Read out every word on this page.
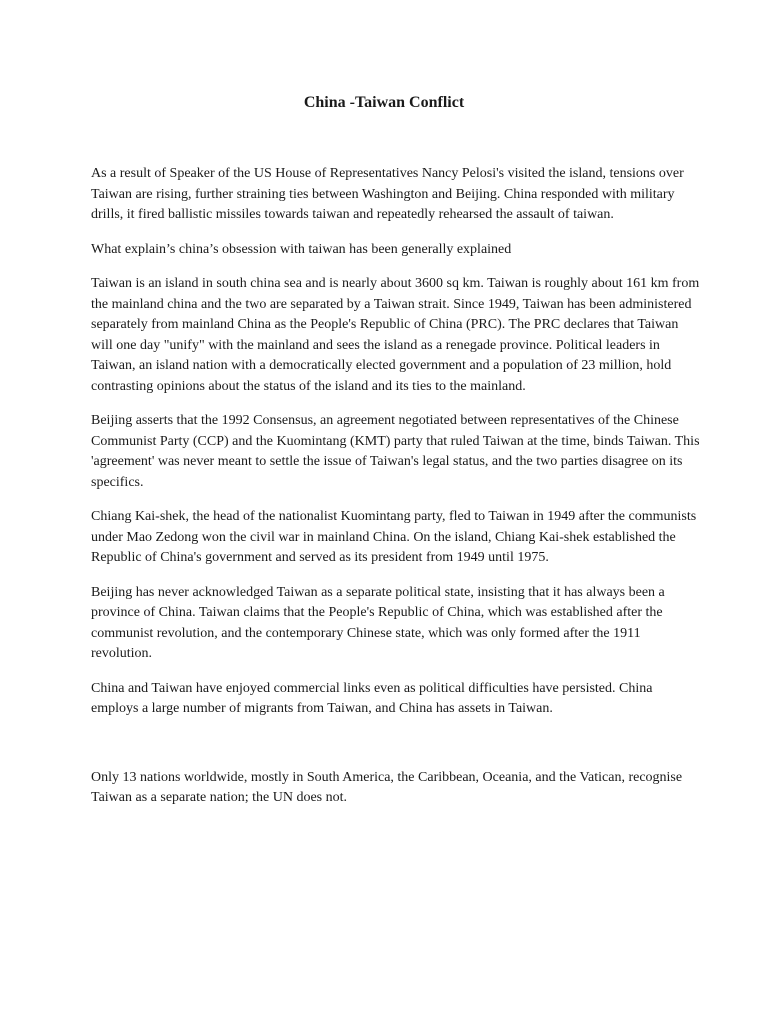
China -Taiwan Conflict

As a result of Speaker of the US House of Representatives Nancy Pelosi's visited the island, tensions over Taiwan are rising, further straining ties between Washington and Beijing. China responded with military drills, it fired ballistic missiles towards taiwan and repeatedly rehearsed the assault of taiwan.

What explain’s china’s obsession with taiwan has been generally explained

Taiwan is an island in south china sea and is nearly about 3600 sq km. Taiwan is roughly about 161 km from the mainland china and the two are separated by a Taiwan strait. Since 1949, Taiwan has been administered separately from mainland China as the People's Republic of China (PRC). The PRC declares that Taiwan will one day "unify" with the mainland and sees the island as a renegade province. Political leaders in Taiwan, an island nation with a democratically elected government and a population of 23 million, hold contrasting opinions about the status of the island and its ties to the mainland.

Beijing asserts that the 1992 Consensus, an agreement negotiated between representatives of the Chinese Communist Party (CCP) and the Kuomintang (KMT) party that ruled Taiwan at the time, binds Taiwan. This 'agreement' was never meant to settle the issue of Taiwan's legal status, and the two parties disagree on its specifics.

Chiang Kai-shek, the head of the nationalist Kuomintang party, fled to Taiwan in 1949 after the communists under Mao Zedong won the civil war in mainland China. On the island, Chiang Kai-shek established the Republic of China's government and served as its president from 1949 until 1975.

Beijing has never acknowledged Taiwan as a separate political state, insisting that it has always been a province of China. Taiwan claims that the People's Republic of China, which was established after the communist revolution, and the contemporary Chinese state, which was only formed after the 1911 revolution.

China and Taiwan have enjoyed commercial links even as political difficulties have persisted. China employs a large number of migrants from Taiwan, and China has assets in Taiwan.

Only 13 nations worldwide, mostly in South America, the Caribbean, Oceania, and the Vatican, recognise Taiwan as a separate nation; the UN does not.
